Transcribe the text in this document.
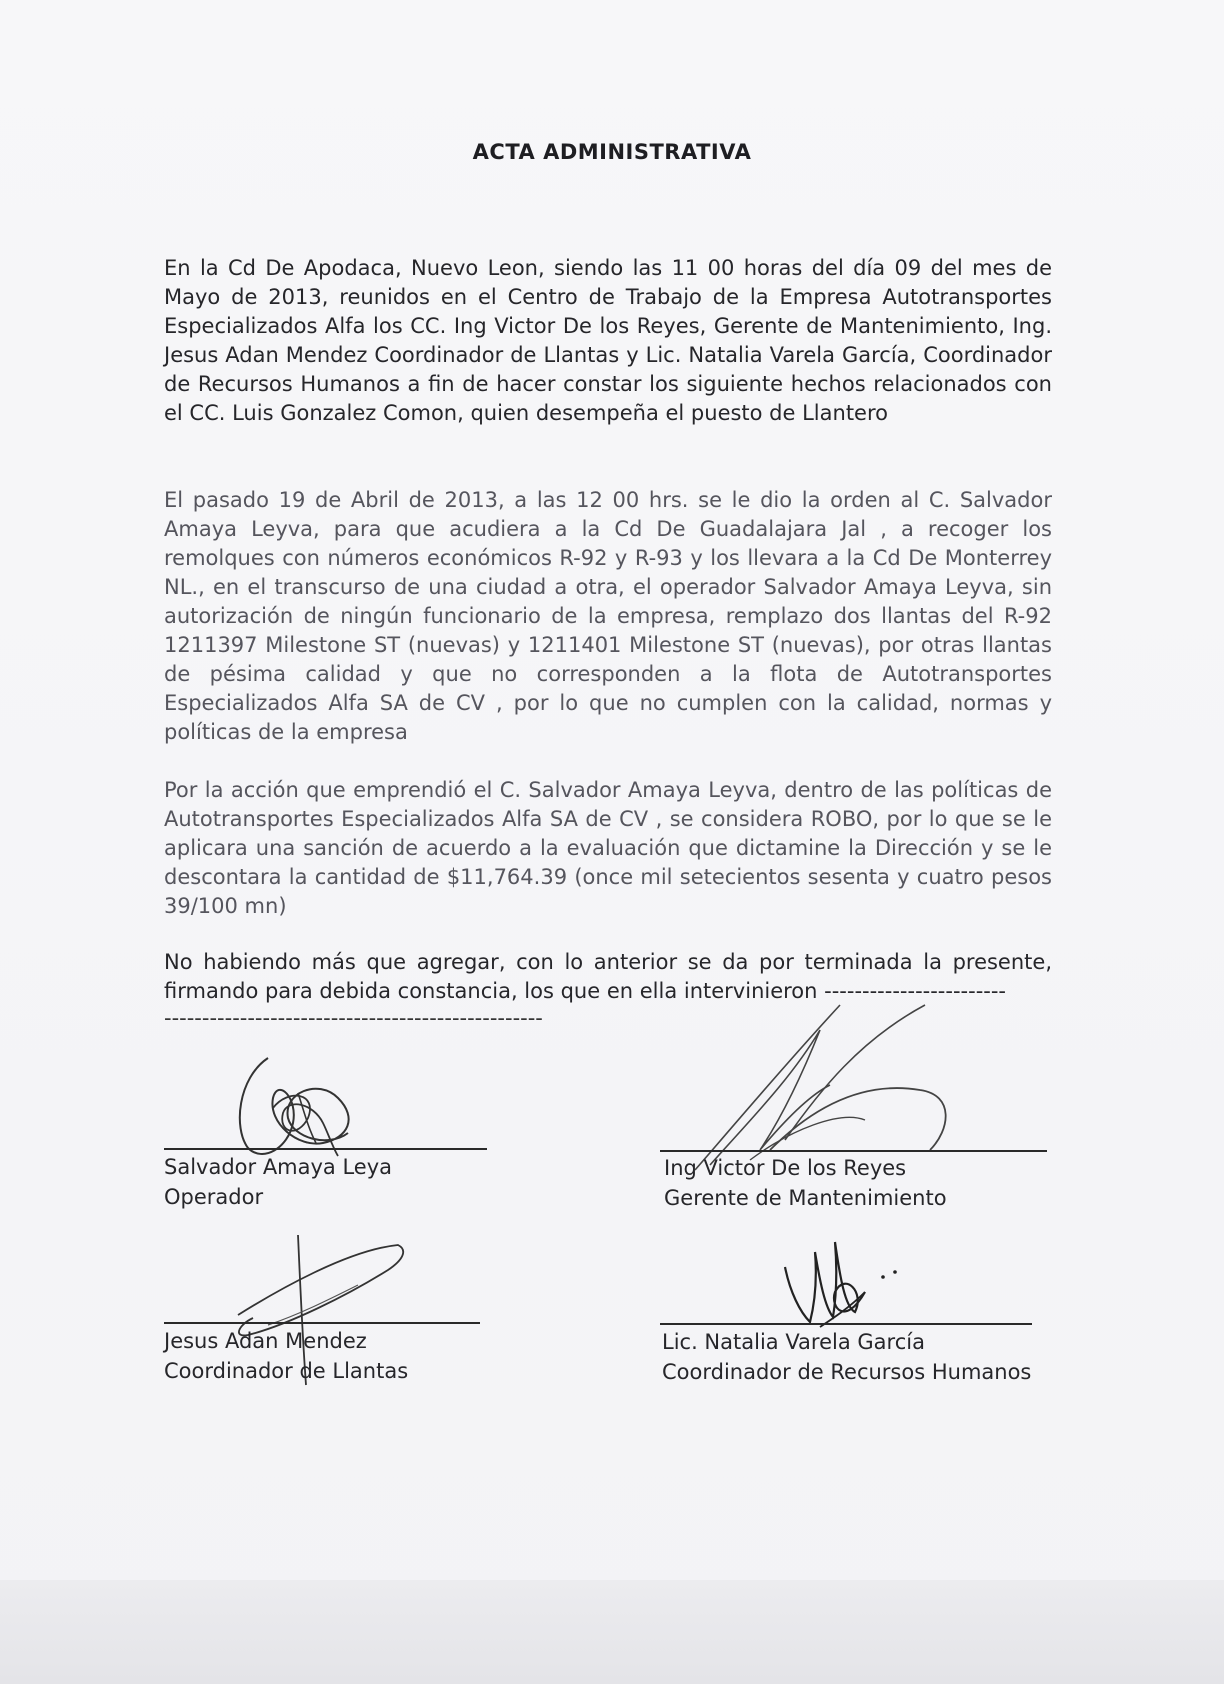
ACTA ADMINISTRATIVA
En la Cd De Apodaca, Nuevo Leon, siendo las 11 00 horas del día 09 del mes de Mayo de 2013, reunidos en el Centro de Trabajo de la Empresa Autotransportes Especializados Alfa los CC. Ing Victor De los Reyes, Gerente de Mantenimiento, Ing. Jesus Adan Mendez Coordinador de Llantas y Lic. Natalia Varela García, Coordinador de Recursos Humanos a fin de hacer constar los siguiente hechos relacionados con el CC. Luis Gonzalez Comon, quien desempeña el puesto de Llantero
El pasado 19 de Abril de 2013, a las 12 00 hrs. se le dio la orden al C. Salvador Amaya Leyva, para que acudiera a la Cd De Guadalajara Jal , a recoger los remolques con números económicos R-92 y R-93 y los llevara a la Cd De Monterrey NL., en el transcurso de una ciudad a otra, el operador Salvador Amaya Leyva, sin autorización de ningún funcionario de la empresa, remplazo dos llantas del R-92 1211397 Milestone ST (nuevas) y 1211401 Milestone ST (nuevas), por otras llantas de pésima calidad y que no corresponden a la flota de Autotransportes Especializados Alfa SA de CV , por lo que no cumplen con la calidad, normas y políticas de la empresa
Por la acción que emprendió el C. Salvador Amaya Leyva, dentro de las políticas de Autotransportes Especializados Alfa SA de CV , se considera ROBO, por lo que se le aplicara una sanción de acuerdo a la evaluación que dictamine la Dirección y se le descontara la cantidad de $11,764.39 (once mil setecientos sesenta y cuatro pesos 39/100 mn)
No habiendo más que agregar, con lo anterior se da por terminada la presente, firmando para debida constancia, los que en ella intervinieron ------------------------
--------------------------------------------------
Salvador Amaya Leya
Operador
Ing Victor De los Reyes
Gerente de Mantenimiento
Jesus Adan Mendez
Coordinador de Llantas
Lic. Natalia Varela García
Coordinador de Recursos Humanos
